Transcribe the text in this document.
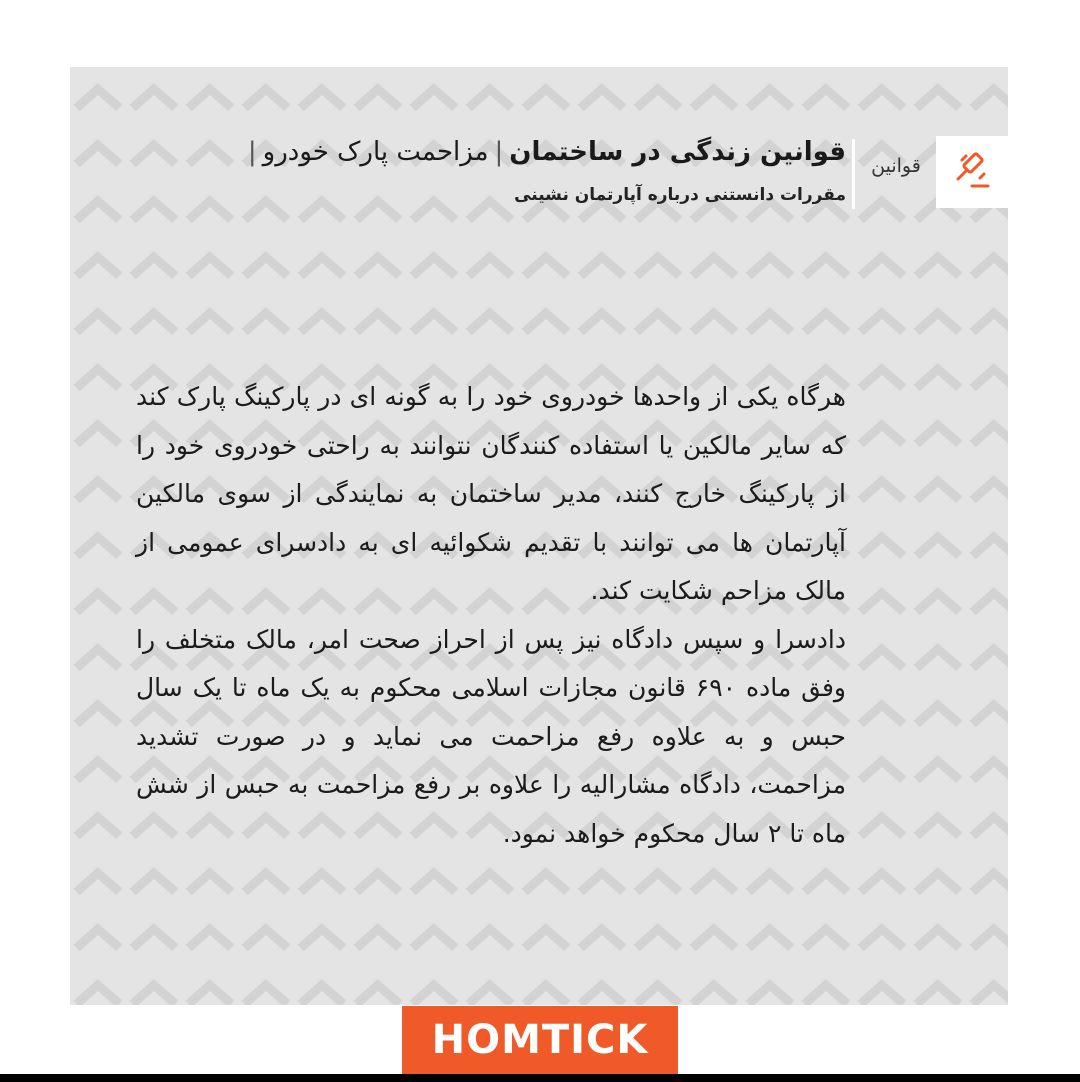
قوانین
قوانین زندگی در ساختمان|مزاحمت پارک خودرو|
مقررات دانستنی درباره آپارتمان نشینی

هرگاه یکی از واحدها خودروی خود را به گونه ای در پارکینگ پارک کند که سایر مالکین یا استفاده کنندگان نتوانند به راحتی خودروی خود را از پارکینگ خارج کنند، مدیر ساختمان به نمایندگی از سوی مالکین آپارتمان ها می توانند با تقدیم شکوائیه ای به دادسرای عمومی از مالک مزاحم شکایت کند.

دادسرا و سپس دادگاه نیز پس از احراز صحت امر، مالک متخلف را وفق ماده ۶۹۰ قانون مجازات اسلامی محکوم به یک ماه تا یک سال حبس و به علاوه رفع مزاحمت می نماید و در صورت تشدید مزاحمت، دادگاه مشارالیه را علاوه بر رفع مزاحمت به حبس از شش ماه تا ۲ سال محکوم خواهد نمود.

HOMTICK
